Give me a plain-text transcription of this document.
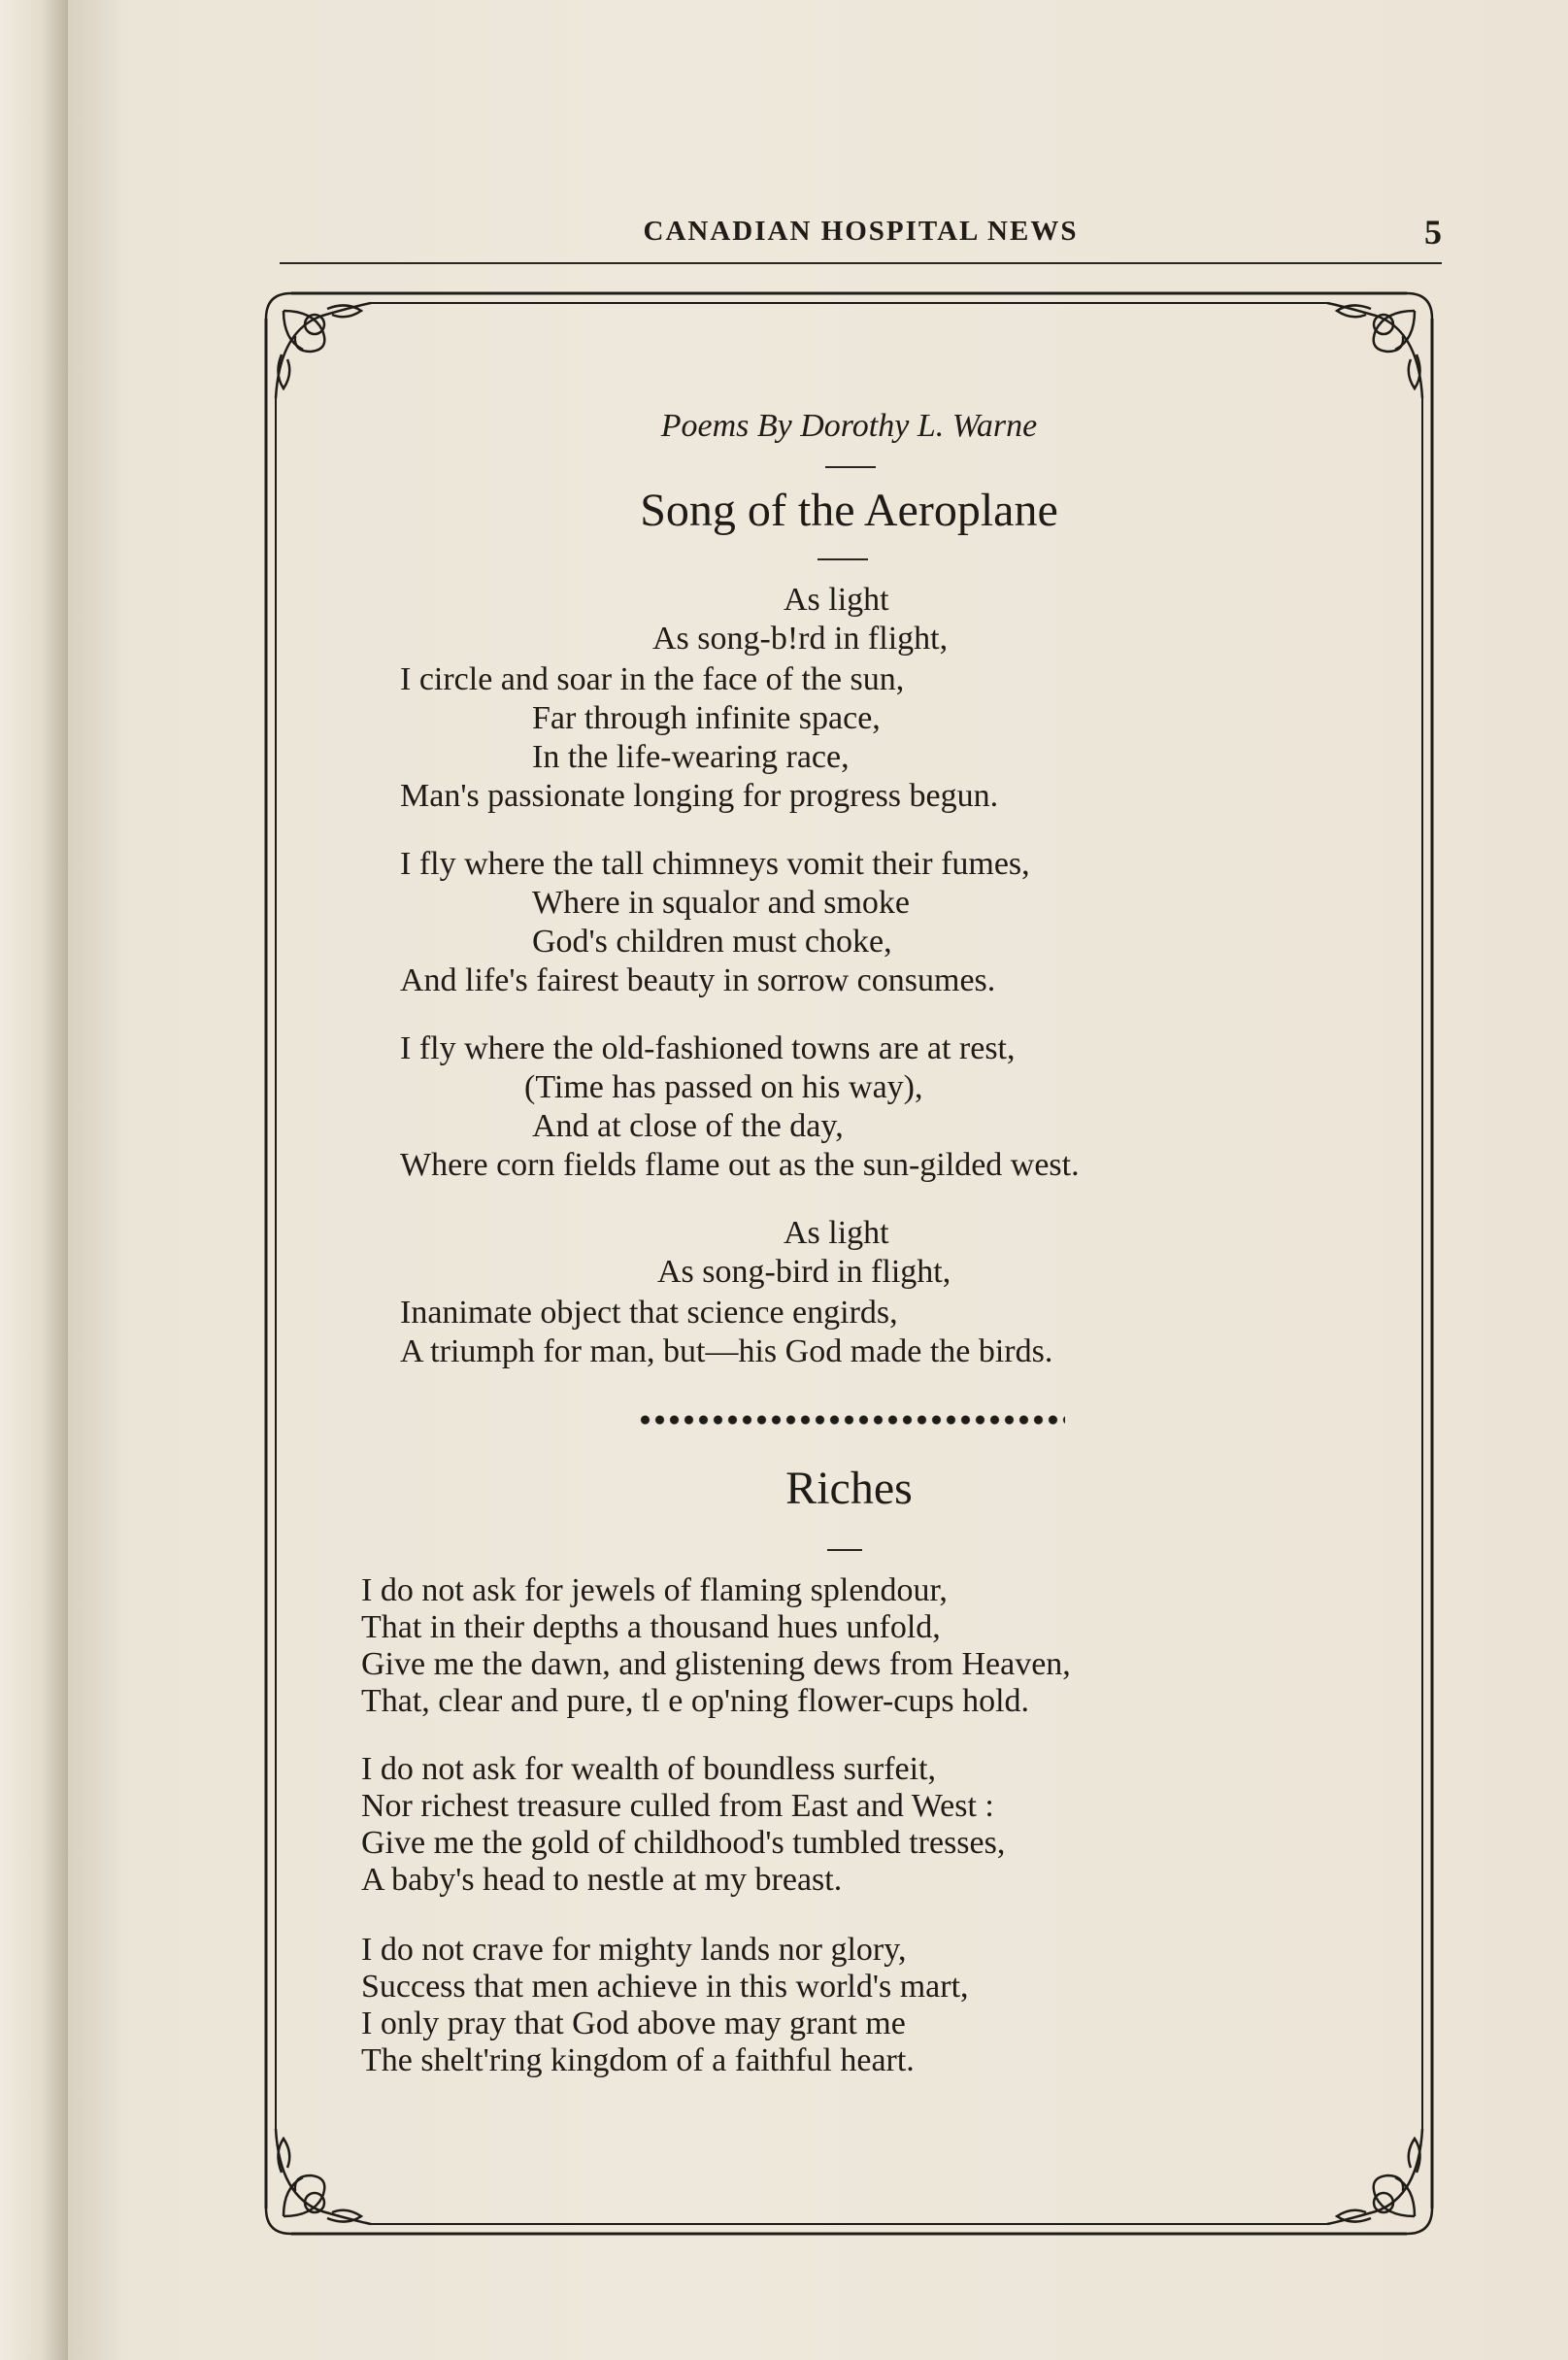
CANADIAN HOSPITAL NEWS	5
Poems By Dorothy L. Warne
Song of the Aeroplane
As light
As song-b!rd in flight,
I circle and soar in the face of the sun,
Far through infinite space,
In the life-wearing race,
Man's passionate longing for progress begun.
I fly where the tall chimneys vomit their fumes,
Where in squalor and smoke
God's children must choke,
And life's fairest beauty in sorrow consumes.
I fly where the old-fashioned towns are at rest,
(Time has passed on his way),
And at close of the day,
Where corn fields flame out as the sun-gilded west.
As light
As song-bird in flight,
Inanimate object that science engirds,
A triumph for man, but—his God made the birds.
Riches
I do not ask for jewels of flaming splendour,
That in their depths a thousand hues unfold,
Give me the dawn, and glistening dews from Heaven,
That, clear and pure, tl e op'ning flower-cups hold.
I do not ask for wealth of boundless surfeit,
Nor richest treasure culled from East and West :
Give me the gold of childhood's tumbled tresses,
A baby's head to nestle at my breast.
I do not crave for mighty lands nor glory,
Success that men achieve in this world's mart,
I only pray that God above may grant me
The shelt'ring kingdom of a faithful heart.
